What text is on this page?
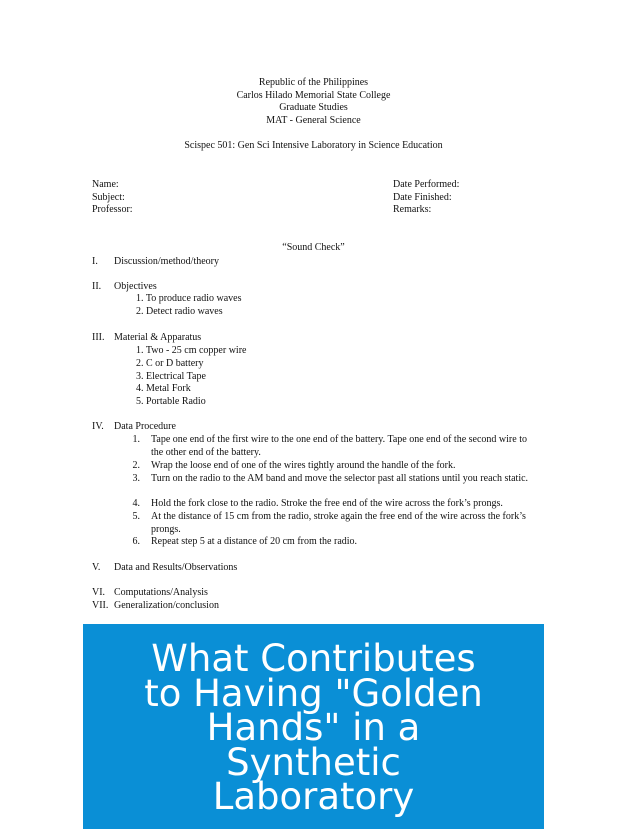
Republic of the Philippines
Carlos Hilado Memorial State College
Graduate Studies
MAT - General Science
Scispec 501: Gen Sci Intensive Laboratory in Science Education
Name:
Subject:
Professor:
Date Performed:
Date Finished:
Remarks:
“Sound Check”
I. Discussion/method/theory
II. Objectives
1. To produce radio waves
2. Detect radio waves
III. Material & Apparatus
1. Two - 25 cm copper wire
2. C or D battery
3. Electrical Tape
4. Metal Fork
5. Portable Radio
IV. Data Procedure
1. Tape one end of the first wire to the one end of the battery. Tape one end of the second wire to the other end of the battery.
2. Wrap the loose end of one of the wires tightly around the handle of the fork.
3. Turn on the radio to the AM band and move the selector past all stations until you reach static.
4. Hold the fork close to the radio. Stroke the free end of the wire across the fork’s prongs.
5. At the distance of 15 cm from the radio, stroke again the free end of the wire across the fork’s prongs.
6. Repeat step 5 at a distance of 20 cm from the radio.
V. Data and Results/Observations
VI. Computations/Analysis
VII. Generalization/conclusion
What Contributes
to Having "Golden
Hands" in a
Synthetic
Laboratory
